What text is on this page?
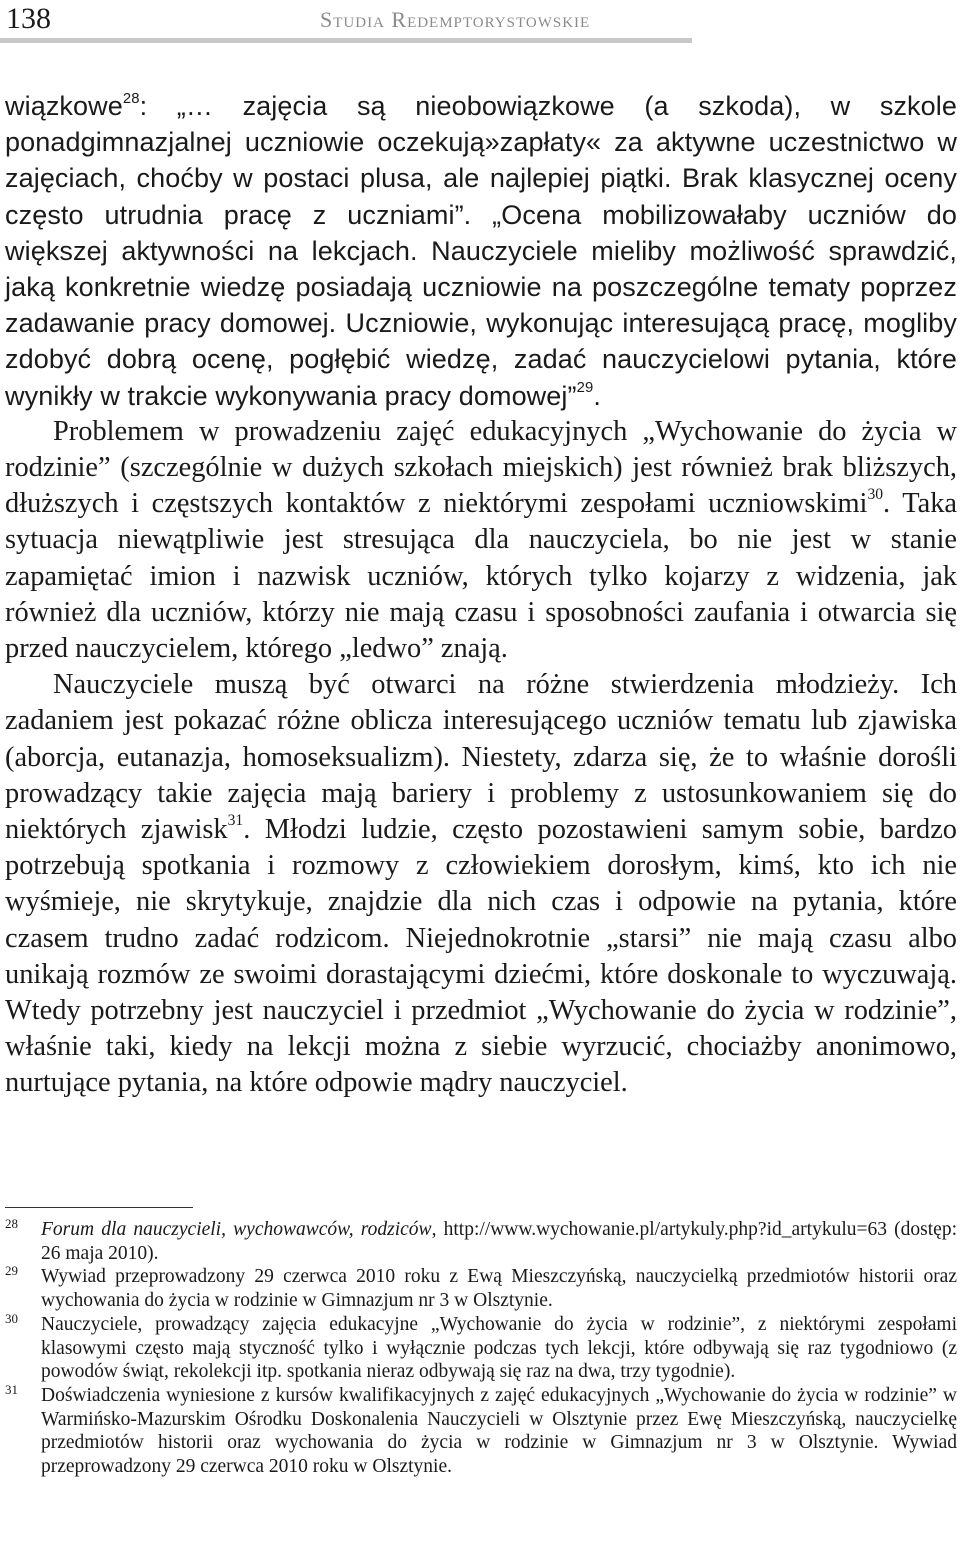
138	Studia Redemptorystowskie

wiązkowe$^{28}$: „… zajęcia są nieobowiązkowe (a szkoda), w szkole ponadgimnazjalnej uczniowie oczekują»zapłaty« za aktywne uczestnictwo w zajęciach, choćby w postaci plusa, ale najlepiej piątki. Brak klasycznej oceny często utrudnia pracę z uczniami”. „Ocena mobilizowałaby uczniów do większej aktywności na lekcjach. Nauczyciele mieliby możliwość sprawdzić, jaką konkretnie wiedzę posiadają uczniowie na poszczególne tematy poprzez zadawanie pracy domowej. Uczniowie, wykonując interesującą pracę, mogliby zdobyć dobrą ocenę, pogłębić wiedzę, zadać nauczycielowi pytania, które wynikły w trakcie wykonywania pracy domowej”$^{29}$.

Problemem w prowadzeniu zajęć edukacyjnych „Wychowanie do życia w rodzinie” (szczególnie w dużych szkołach miejskich) jest również brak bliższych, dłuższych i częstszych kontaktów z niektórymi zespołami uczniowskimi$^{30}$. Taka sytuacja niewątpliwie jest stresująca dla nauczyciela, bo nie jest w stanie zapamiętać imion i nazwisk uczniów, których tylko kojarzy z widzenia, jak również dla uczniów, którzy nie mają czasu i sposobności zaufania i otwarcia się przed nauczycielem, którego „ledwo” znają.

Nauczyciele muszą być otwarci na różne stwierdzenia młodzieży. Ich zadaniem jest pokazać różne oblicza interesującego uczniów tematu lub zjawiska (aborcja, eutanazja, homoseksualizm). Niestety, zdarza się, że to właśnie dorośli prowadzący takie zajęcia mają bariery i problemy z ustosunkowaniem się do niektórych zjawisk$^{31}$. Młodzi ludzie, często pozostawieni samym sobie, bardzo potrzebują spotkania i rozmowy z człowiekiem dorosłym, kimś, kto ich nie wyśmieje, nie skrytykuje, znajdzie dla nich czas i odpowie na pytania, które czasem trudno zadać rodzicom. Niejednokrotnie „starsi” nie mają czasu albo unikają rozmów ze swoimi dorastającymi dziećmi, które doskonale to wyczuwają. Wtedy potrzebny jest nauczyciel i przedmiot „Wychowanie do życia w rodzinie”, właśnie taki, kiedy na lekcji można z siebie wyrzucić, chociażby anonimowo, nurtujące pytania, na które odpowie mądry nauczyciel.

28 Forum dla nauczycieli, wychowawców, rodziców, http://www.wychowanie.pl/artykuly.php?id_artykulu=63 (dostęp: 26 maja 2010).

29 Wywiad przeprowadzony 29 czerwca 2010 roku z Ewą Mieszczyńską, nauczycielką przedmiotów historii oraz wychowania do życia w rodzinie w Gimnazjum nr 3 w Olsztynie.

30 Nauczyciele, prowadzący zajęcia edukacyjne „Wychowanie do życia w rodzinie”, z niektórymi zespołami klasowymi często mają styczność tylko i wyłącznie podczas tych lekcji, które odbywają się raz tygodniowo (z powodów świąt, rekolekcji itp. spotkania nieraz odbywają się raz na dwa, trzy tygodnie).

31 Doświadczenia wyniesione z kursów kwalifikacyjnych z zajęć edukacyjnych „Wychowanie do życia w rodzinie” w Warmińsko-Mazurskim Ośrodku Doskonalenia Nauczycieli w Olsztynie przez Ewę Mieszczyńską, nauczycielkę przedmiotów historii oraz wychowania do życia w rodzinie w Gimnazjum nr 3 w Olsztynie. Wywiad przeprowadzony 29 czerwca 2010 roku w Olsztynie.
